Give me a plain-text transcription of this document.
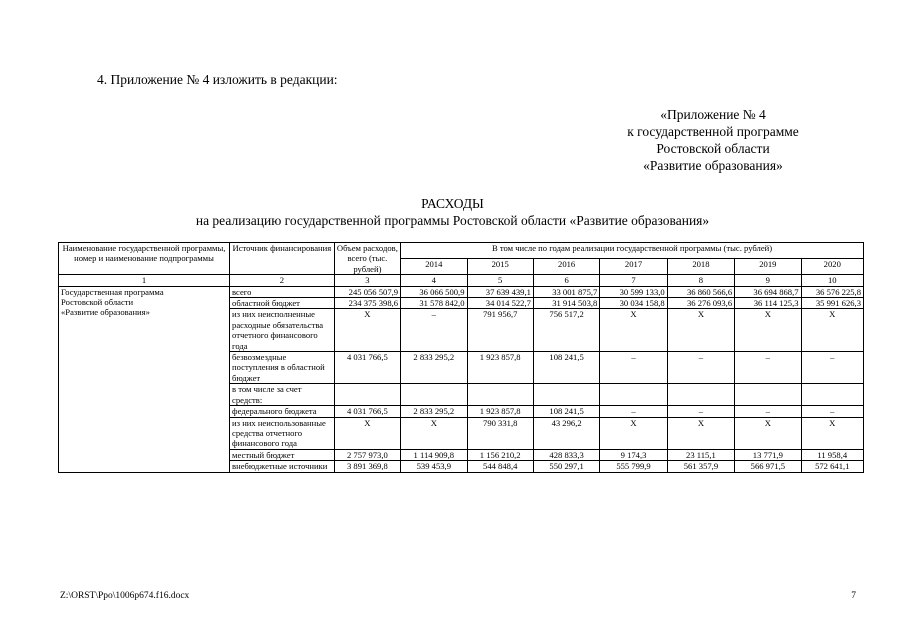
4. Приложение № 4 изложить в редакции:
«Приложение № 4
к государственной программе
Ростовской области
«Развитие образования»
РАСХОДЫ
на реализацию государственной программы Ростовской области «Развитие образования»
Наименование государственной программы, номер и наименование подпрограммы	Источник финансирования	Объем расходов, всего (тыс. рублей)	В том числе по годам реализации государственной программы (тыс. рублей)						
			2014	2015	2016	2017	2018	2019	2020
1	2	3	4	5	6	7	8	9	10

Государственная программа
Ростовской области
«Развитие образования»	всего	245 056 507,9	36 066 500,9	37 639 439,1	33 001 875,7	30 599 133,0	36 860 566,6	36 694 868,7	36 576 225,8
	областной бюджет	234 375 398,6	31 578 842,0	34 014 522,7	31 914 503,8	30 034 158,8	36 276 093,6	36 114 125,3	35 991 626,3
	из них неисполненные расходные обязательства отчетного финансового года	X	–	791 956,7	756 517,2	X	X	X	X
	безвозмездные поступления в областной бюджет	4 031 766,5	2 833 295,2	1 923 857,8	108 241,5	–	–	–	–
	в том числе за счет средств:								
	федерального бюджета	4 031 766,5	2 833 295,2	1 923 857,8	108 241,5	–	–	–	–
	из них неиспользованные средства отчетного финансового года	X	X	790 331,8	43 296,2	X	X	X	X
	местный бюджет	2 757 973,0	1 114 909,8	1 156 210,2	428 833,3	9 174,3	23 115,1	13 771,9	11 958,4
	внебюджетные источники	3 891 369,8	539 453,9	544 848,4	550 297,1	555 799,9	561 357,9	566 971,5	572 641,1
Z:\ORST\Ppo\1006p674.f16.docx	7
